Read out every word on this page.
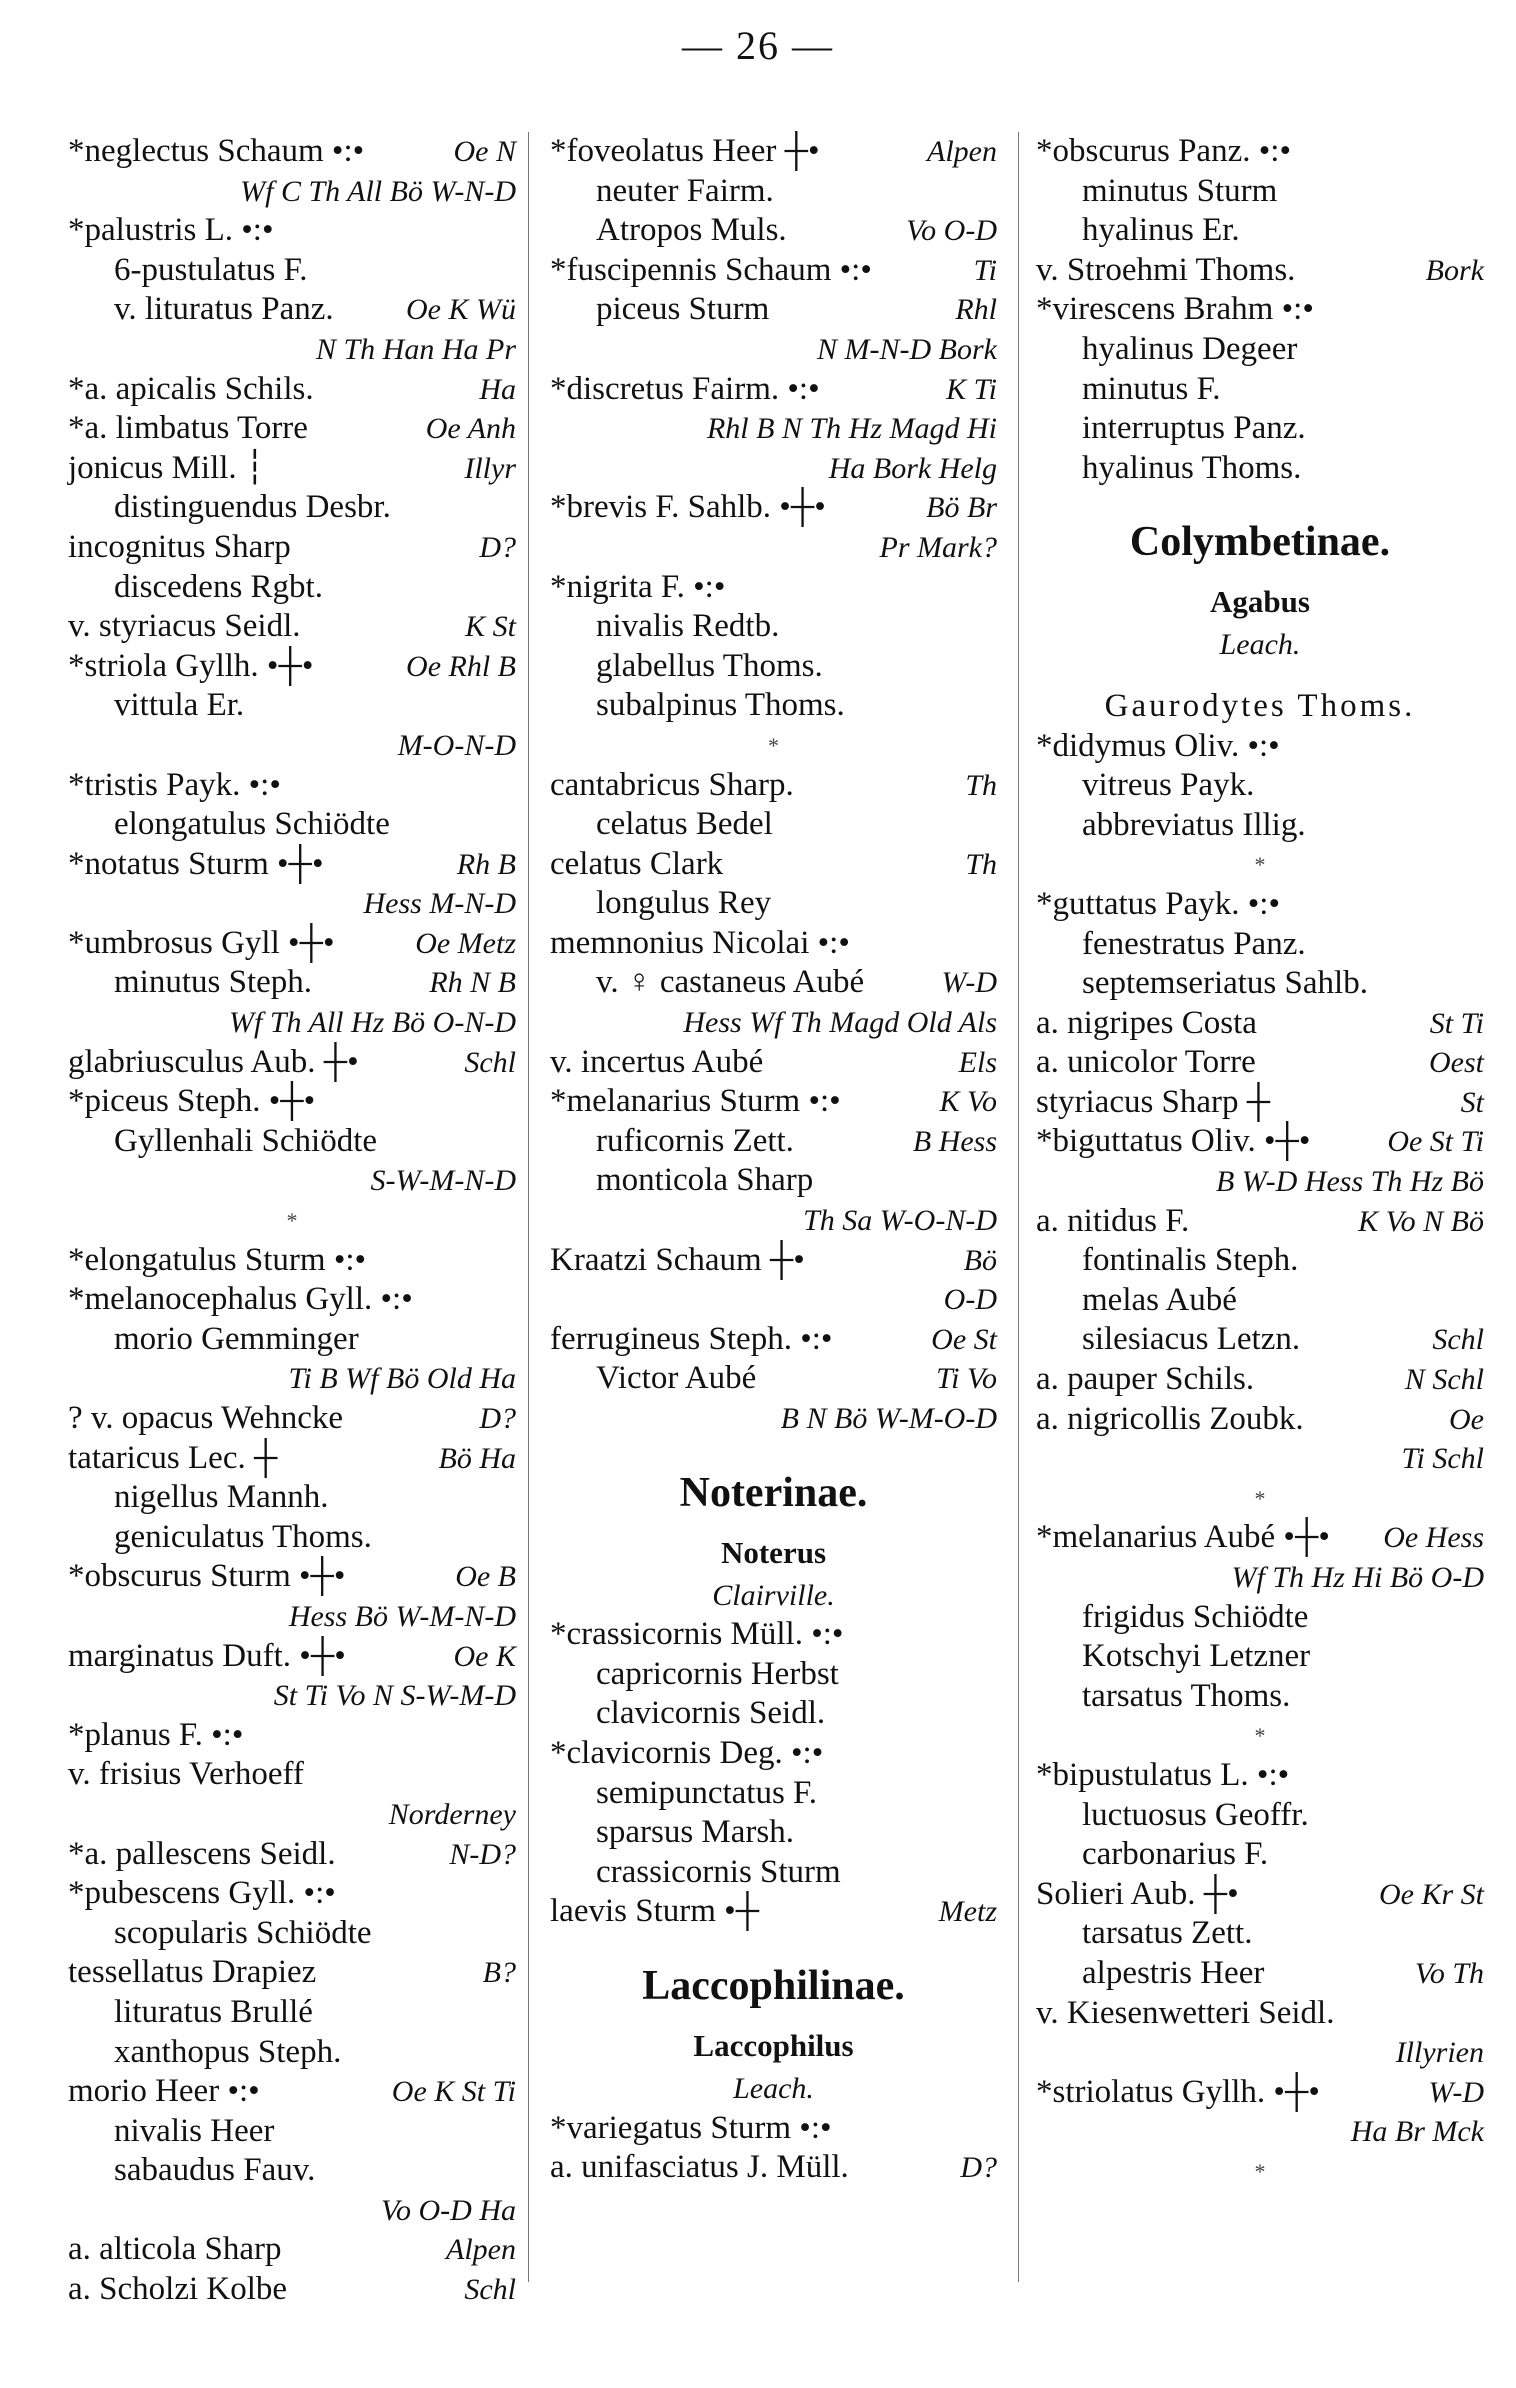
— 26 —
*neglectus Schaum •:•	Oe N
Wf C Th All Bö W-N-D
*palustris L. •:•
6-pustulatus F.
v. lituratus Panz. Oe K Wü
N Th Han Ha Pr
*a. apicalis Schils.	Ha
*a. limbatus Torre	Oe Anh
jonicus Mill. ┆	Illyr
distinguendus Desbr.
incognitus Sharp	D?
discedens Rgbt.
v. styriacus Seidl.	K St
*striola Gyllh. •┼•	Oe Rhl B
vittula Er.
M-O-N-D
*tristis Payk. •:•
elongatulus Schiödte
*notatus Sturm •┼•	Rh B
Hess M-N-D
*umbrosus Gyll •┼•	Oe Metz
minutus Steph.	Rh N B
Wf Th All Hz Bö O-N-D
glabriusculus Aub. ┼•	Schl
*piceus Steph. •┼•
Gyllenhali Schiödte
S-W-M-N-D
*
*elongatulus Sturm •:•
*melanocephalus Gyll. •:•
morio Gemminger
Ti B Wf Bö Old Ha
? v. opacus Wehncke	D?
tataricus Lec. ┼	Bö Ha
nigellus Mannh.
geniculatus Thoms.
*obscurus Sturm •┼•	Oe B
Hess Bö W-M-N-D
marginatus Duft. •┼•	Oe K
St Ti Vo N S-W-M-D
*planus F. •:•
v. frisius Verhoeff
Norderney
*a. pallescens Seidl.	N-D?
*pubescens Gyll. •:•
scopularis Schiödte
tessellatus Drapiez	B?
lituratus Brullé
xanthopus Steph.
morio Heer •:•	Oe K St Ti
nivalis Heer
sabaudus Fauv.
Vo O-D Ha
a. alticola Sharp	Alpen
a. Scholzi Kolbe	Schl
*foveolatus Heer ┼•	Alpen
neuter Fairm.
Atropos Muls.	Vo O-D
*fuscipennis Schaum •:•	Ti
piceus Sturm	Rhl
N M-N-D Bork
*discretus Fairm. •:•	K Ti
Rhl B N Th Hz Magd Hi
Ha Bork Helg
*brevis F. Sahlb. •┼•	Bö Br
Pr Mark?
*nigrita F. •:•
nivalis Redtb.
glabellus Thoms.
subalpinus Thoms.
*
cantabricus Sharp.	Th
celatus Bedel
celatus Clark	Th
longulus Rey
memnonius Nicolai •:•
v. ♀ castaneus Aubé	W-D
Hess Wf Th Magd Old Als
v. incertus Aubé	Els
*melanarius Sturm •:•	K Vo
ruficornis Zett.	B Hess
monticola Sharp
Th Sa W-O-N-D
Kraatzi Schaum ┼•	Bö
O-D
ferrugineus Steph. •:•	Oe St
Victor Aubé	Ti Vo
B N Bö W-M-O-D
Noterinae.
Noterus
Clairville.
*crassicornis Müll. •:•
capricornis Herbst
clavicornis Seidl.
*clavicornis Deg. •:•
semipunctatus F.
sparsus Marsh.
crassicornis Sturm
laevis Sturm •┼	Metz
Laccophilinae.
Laccophilus
Leach.
*variegatus Sturm •:•
a. unifasciatus J. Müll.	D?
*obscurus Panz. •:•
minutus Sturm
hyalinus Er.
v. Stroehmi Thoms.	Bork
*virescens Brahm •:•
hyalinus Degeer
minutus F.
interruptus Panz.
hyalinus Thoms.
Colymbetinae.
Agabus
Leach.
Gaurodytes Thoms.
*didymus Oliv. •:•
vitreus Payk.
abbreviatus Illig.
*
*guttatus Payk. •:•
fenestratus Panz.
septemseriatus Sahlb.
a. nigripes Costa	St Ti
a. unicolor Torre	Oest
styriacus Sharp ┼	St
*biguttatus Oliv. •┼•	Oe St Ti
B W-D Hess Th Hz Bö
a. nitidus F.	K Vo N Bö
fontinalis Steph.
melas Aubé
silesiacus Letzn.	Schl
a. pauper Schils.	N Schl
a. nigricollis Zoubk.	Oe
Ti Schl
*
*melanarius Aubé •┼• Oe Hess
Wf Th Hz Hi Bö O-D
frigidus Schiödte
Kotschyi Letzner
tarsatus Thoms.
*
*bipustulatus L. •:•
luctuosus Geoffr.
carbonarius F.
Solieri Aub. ┼•	Oe Kr St
tarsatus Zett.
alpestris Heer	Vo Th
v. Kiesenwetteri Seidl.
Illyrien
*striolatus Gyllh. •┼•	W-D
Ha Br Mck
*
